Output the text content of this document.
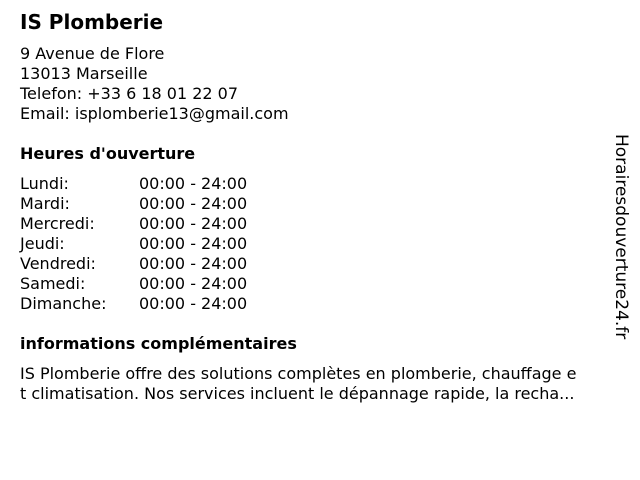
IS Plomberie
9 Avenue de Flore
13013 Marseille
Telefon: +33 6 18 01 22 07
Email: isplomberie13@gmail.com
Heures d'ouverture
Lundi:	00:00 - 24:00
Mardi:	00:00 - 24:00
Mercredi:	00:00 - 24:00
Jeudi:	00:00 - 24:00
Vendredi:	00:00 - 24:00
Samedi:	00:00 - 24:00
Dimanche:	00:00 - 24:00
informations complémentaires
IS Plomberie offre des solutions complètes en plomberie, chauffage e
t climatisation. Nos services incluent le dépannage rapide, la recha...
Horairesdouverture24.fr
